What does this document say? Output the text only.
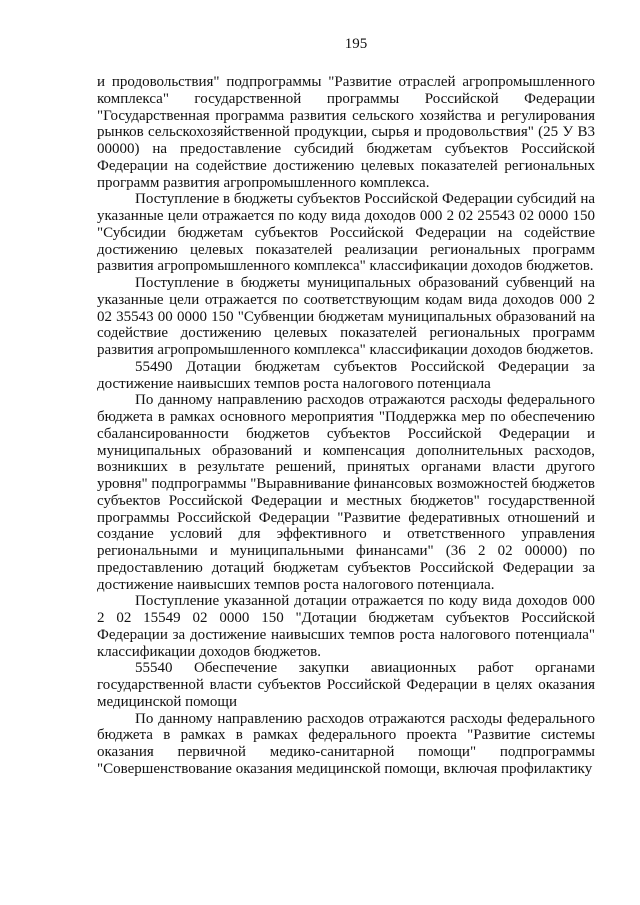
195

и продовольствия" подпрограммы "Развитие отраслей агропромышленного комплекса" государственной программы Российской Федерации "Государственная программа развития сельского хозяйства и регулирования рынков сельскохозяйственной продукции, сырья и продовольствия" (25 У В3 00000) на предоставление субсидий бюджетам субъектов Российской Федерации на содействие достижению целевых показателей региональных программ развития агропромышленного комплекса.

Поступление в бюджеты субъектов Российской Федерации субсидий на указанные цели отражается по коду вида доходов 000 2 02 25543 02 0000 150 "Субсидии бюджетам субъектов Российской Федерации на содействие достижению целевых показателей реализации региональных программ развития агропромышленного комплекса" классификации доходов бюджетов.

Поступление в бюджеты муниципальных образований субвенций на указанные цели отражается по соответствующим кодам вида доходов 000 2 02 35543 00 0000 150 "Субвенции бюджетам муниципальных образований на содействие достижению целевых показателей региональных программ развития агропромышленного комплекса" классификации доходов бюджетов.

55490 Дотации бюджетам субъектов Российской Федерации за достижение наивысших темпов роста налогового потенциала

По данному направлению расходов отражаются расходы федерального бюджета в рамках основного мероприятия "Поддержка мер по обеспечению сбалансированности бюджетов субъектов Российской Федерации и муниципальных образований и компенсация дополнительных расходов, возникших в результате решений, принятых органами власти другого уровня" подпрограммы "Выравнивание финансовых возможностей бюджетов субъектов Российской Федерации и местных бюджетов" государственной программы Российской Федерации "Развитие федеративных отношений и создание условий для эффективного и ответственного управления региональными и муниципальными финансами" (36 2 02 00000) по предоставлению дотаций бюджетам субъектов Российской Федерации за достижение наивысших темпов роста налогового потенциала.

Поступление указанной дотации отражается по коду вида доходов 000 2 02 15549 02 0000 150 "Дотации бюджетам субъектов Российской Федерации за достижение наивысших темпов роста налогового потенциала" классификации доходов бюджетов.

55540 Обеспечение закупки авиационных работ органами государственной власти субъектов Российской Федерации в целях оказания медицинской помощи

По данному направлению расходов отражаются расходы федерального бюджета в рамках в рамках федерального проекта "Развитие системы оказания первичной медико-санитарной помощи" подпрограммы "Совершенствование оказания медицинской помощи, включая профилактику
